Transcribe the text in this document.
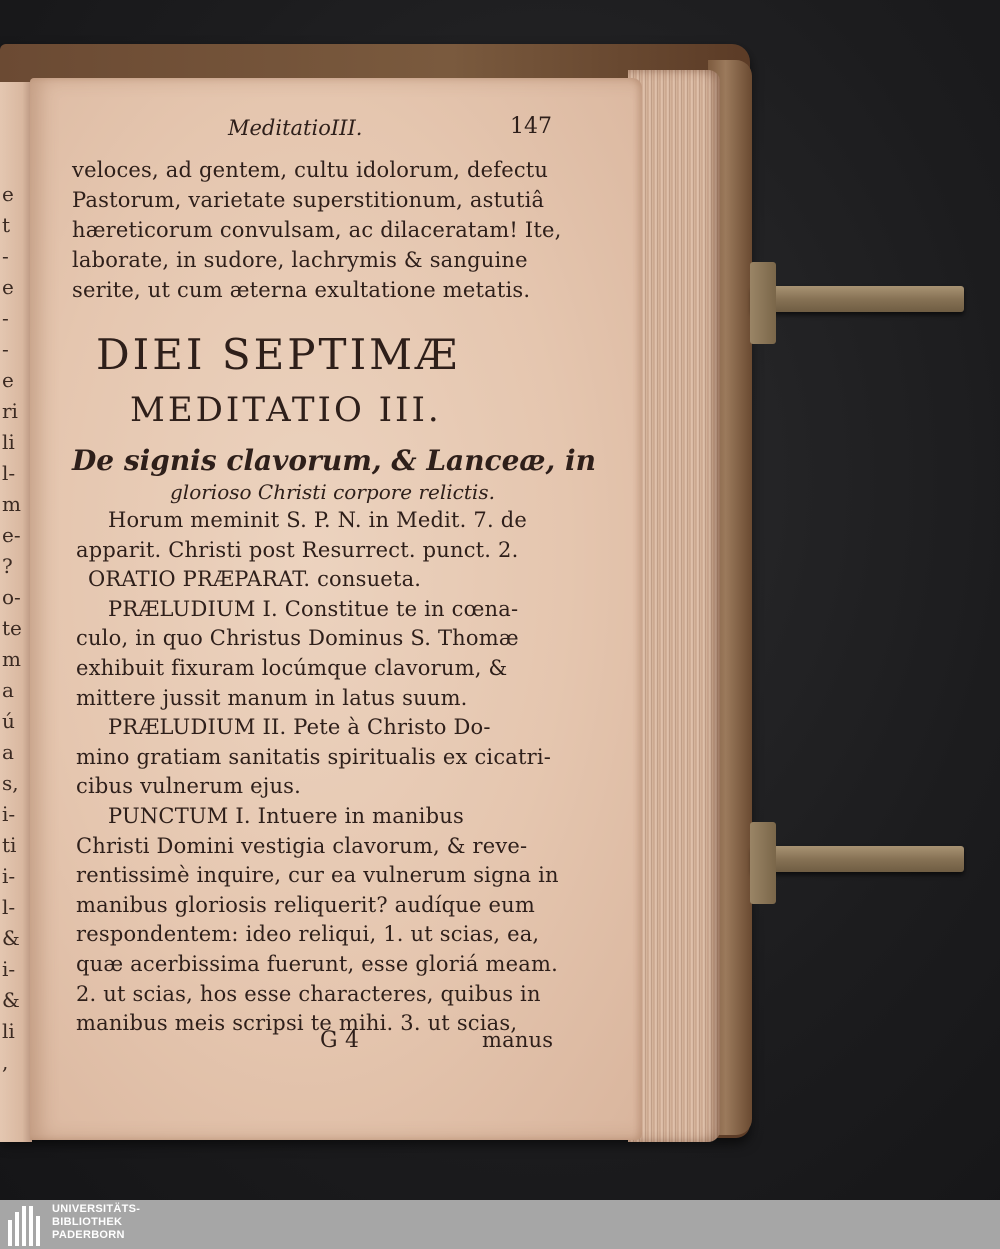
e
t
-
e
-
-
e
ri
li
l-
m
e-
?
o-
te
m
a
ú
a
s,
i-
ti
i-
l-
&
i-
&
li
,
MeditatioIII.	147
veloces, ad gentem, cultu idolorum, defectu
Pastorum, varietate superstitionum, astutiâ
hæreticorum convulsam, ac dilaceratam! Ite,
laborate, in sudore, lachrymis & sanguine
serite, ut cum æterna exultatione metatis.
DIEI SEPTIMÆ
MEDITATIO III.
De signis clavorum, & Lanceæ, in
glorioso Christi corpore relictis.
Horum meminit S. P. N. in Medit. 7. de
apparit. Christi post Resurrect. punct. 2.
ORATIO PRÆPARAT. consueta.
PRÆLUDIUM I. Constitue te in cœna-
culo, in quo Christus Dominus S. Thomæ
exhibuit fixuram locúmque clavorum, &
mittere jussit manum in latus suum.
PRÆLUDIUM II. Pete à Christo Do-
mino gratiam sanitatis spiritualis ex cicatri-
cibus vulnerum ejus.
PUNCTUM I. Intuere in manibus
Christi Domini vestigia clavorum, & reve-
rentissimè inquire, cur ea vulnerum signa in
manibus gloriosis reliquerit? audíque eum
respondentem: ideo reliqui, 1. ut scias, ea,
quæ acerbissima fuerunt, esse gloriá meam.
2. ut scias, hos esse characteres, quibus in
manibus meis scripsi te mihi. 3. ut scias,
G 4	manus
UNIVERSITÄTS-
BIBLIOTHEK
PADERBORN
